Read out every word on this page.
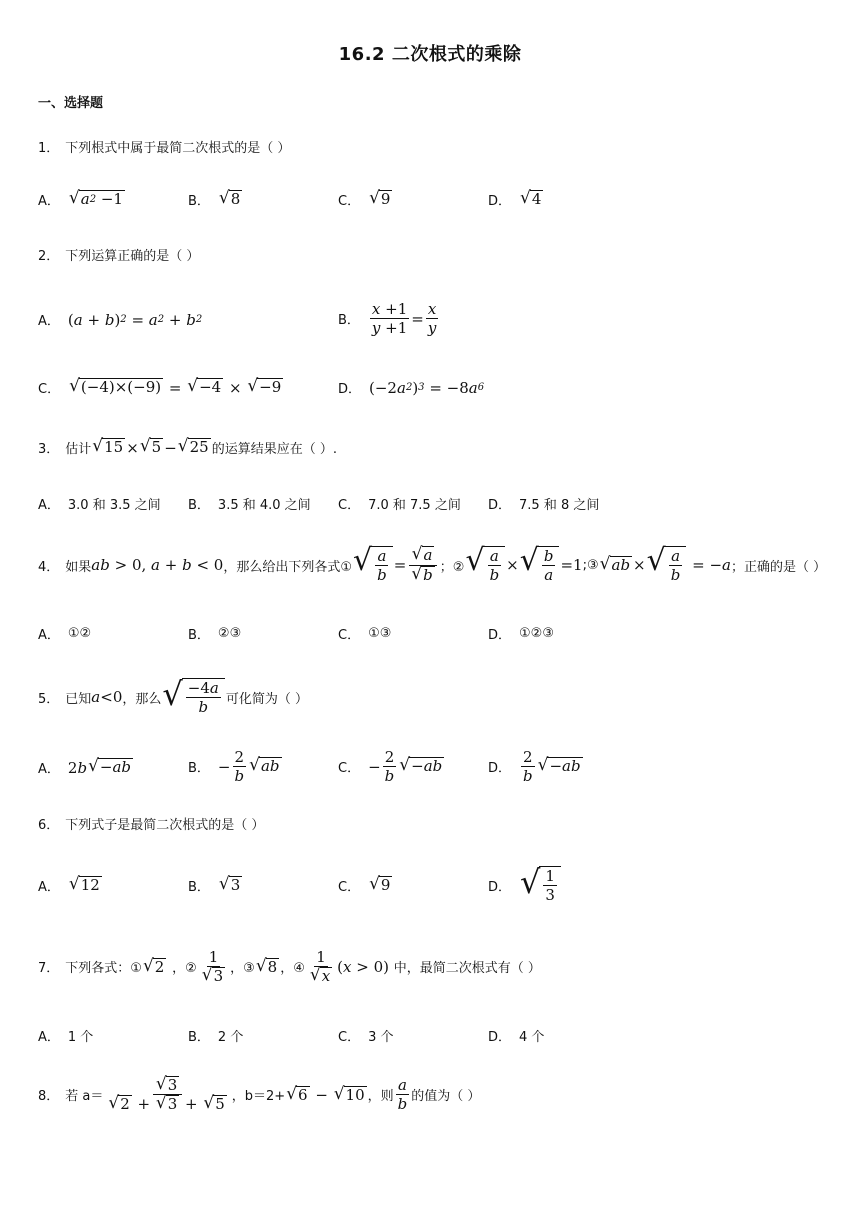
16.2 二次根式的乘除
一、选择题
1． 下列根式中属于最简二次根式的是（ ）
A． √ a 2 −1	B． √ 8	C． √ 9	D． √ 4
2． 下列运算正确的是（ ）
A． ( a + b ) 2 = a 2 + b 2	B． $\frac{x +1}{y +1} = \frac{x}{y}$
C． √ (−4)×(−9) = √ −4 × √ −9	D． (−2 a 2 ) 3 = −8 a 6
3． 估计 √ 15 × √ 5 − √ 25 的运算结果应在（ ）.
A． 3.0 和 3.5 之间 B． 3.5 和 4.0 之间 C． 7.0 和 7.5 之间 D． 7.5 和 8 之间
4． 如果 ab > 0, a + b < 0 ，那么给出下列各式① √ $\frac{a}{b} = \frac{√ a}{√ b}$ ；② √ $\frac{a}{b}$ × √ $\frac{b}{a} =1$ ;③ √ ab × √ $\frac{a}{b}$ = − a ；正确的是（ ）
A． ①②	B． ②③	C． ①③	D． ①②③
5． 已知 a <0 ，那么 √ $\frac{-4 a}{b}$ 可化简为（ ）
A． 2 b √ − ab	B． − $\frac{2}{b}$ √ ab	C． − $\frac{2}{b}$ √ − ab	D． $\frac{2}{b}$ √ − ab
6． 下列式子是最简二次根式的是（ ）
A． √ 12	B． √ 3	C． √ 9	D． √ $\frac{1}{3}$
7． 下列各式：① √ 2
，② $\frac{1}{√ 3}$ ，③ √ 8 ，④ $\frac{1}{√ x}$ ( x > 0)
中，最简二次根式有（ ）
A． 1 个	B． 2 个	C． 3 个	D． 4 个
8． 若 $a= \frac{√ 3}{√ 2 + √ 3 + √ 5}$ ，b＝2+ √ 6 − √ 10 ，则 $\frac{a}{b}$ 的值为（ ）
